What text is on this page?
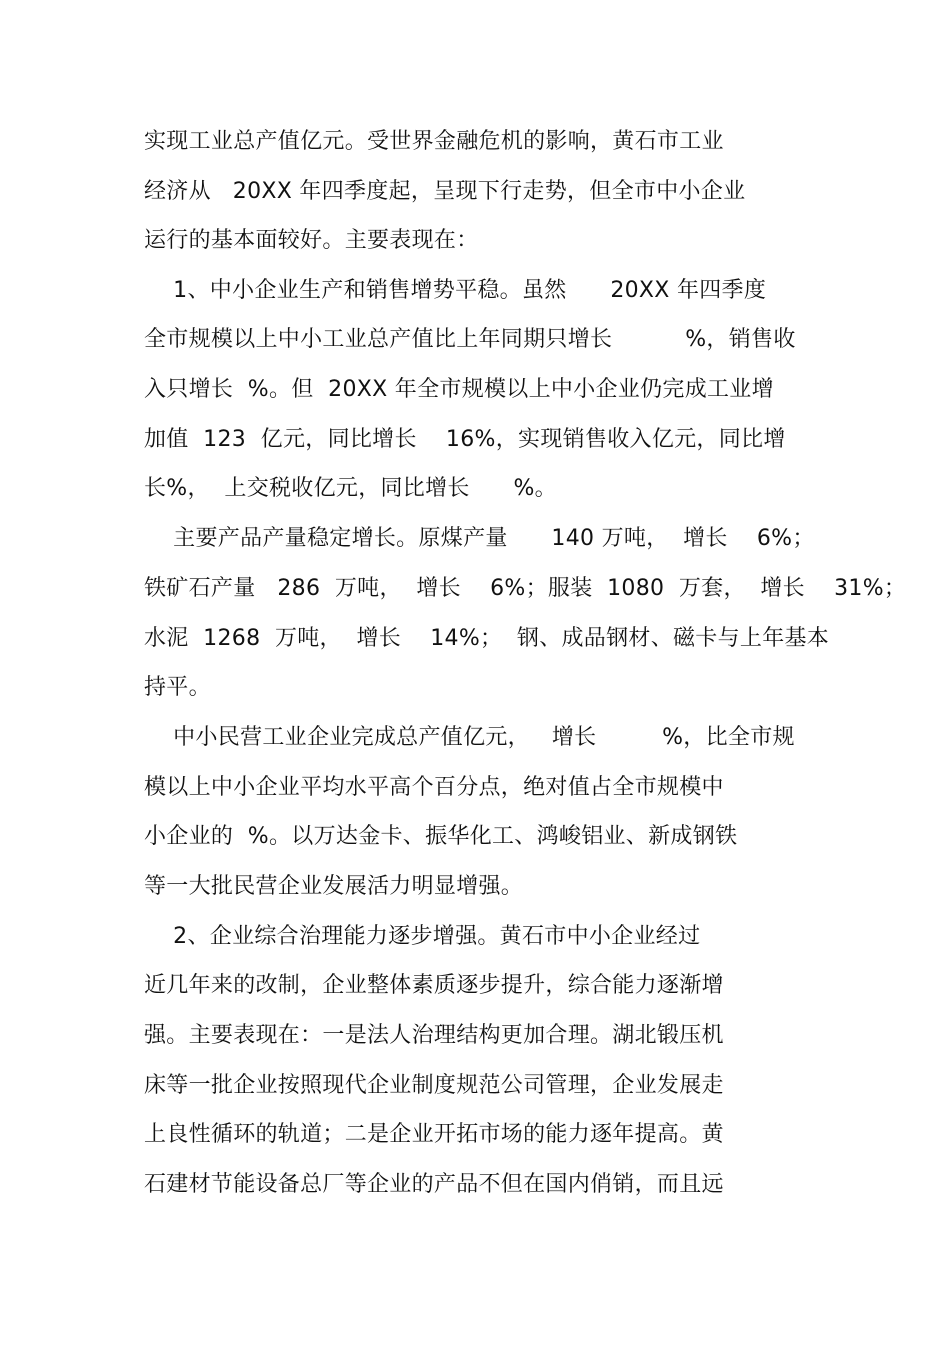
实现工业总产值亿元。受世界金融危机的影响，黄石市工业
经济从   20XX 年四季度起，呈现下行走势，但全市中小企业
运行的基本面较好。主要表现在：
1、中小企业生产和销售增势平稳。虽然      20XX 年四季度
全市规模以上中小工业总产值比上年同期只增长          %，销售收
入只增长  %。但  20XX 年全市规模以上中小企业仍完成工业增
加值  123  亿元，同比增长    16%，实现销售收入亿元，同比增
长%，  上交税收亿元，同比增长      %。
主要产品产量稳定增长。原煤产量      140 万吨，  增长    6%；
铁矿石产量   286  万吨，  增长    6%；服装  1080  万套，  增长    31%；
水泥  1268  万吨，  增长    14%；  钢、成品钢材、磁卡与上年基本
持平。
中小民营工业企业完成总产值亿元，   增长         %，比全市规
模以上中小企业平均水平高个百分点，绝对值占全市规模中
小企业的  %。以万达金卡、振华化工、鸿峻铝业、新成钢铁
等一大批民营企业发展活力明显增强。
2、企业综合治理能力逐步增强。黄石市中小企业经过
近几年来的改制，企业整体素质逐步提升，综合能力逐渐增
强。主要表现在：一是法人治理结构更加合理。湖北锻压机
床等一批企业按照现代企业制度规范公司管理，企业发展走
上良性循环的轨道；二是企业开拓市场的能力逐年提高。黄
石建材节能设备总厂等企业的产品不但在国内俏销，而且远
